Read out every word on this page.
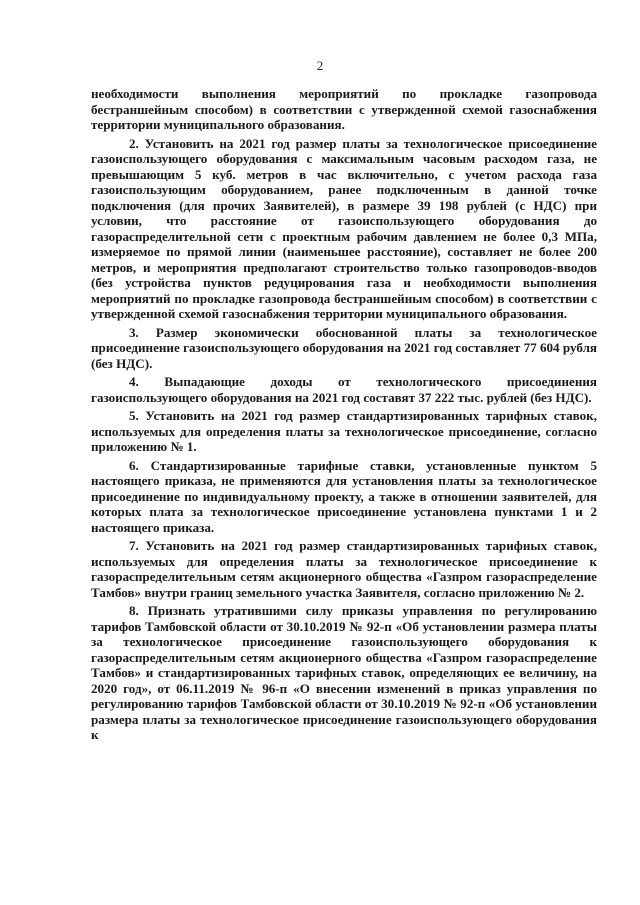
2

необходимости выполнения мероприятий по прокладке газопровода бестраншейным способом) в соответствии с утвержденной схемой газоснабжения территории муниципального образования.

2. Установить на 2021 год размер платы за технологическое присоединение газоиспользующего оборудования с максимальным часовым расходом газа, не превышающим 5 куб. метров в час включительно, с учетом расхода газа газоиспользующим оборудованием, ранее подключенным в данной точке подключения (для прочих Заявителей), в размере 39 198 рублей (с НДС) при условии, что расстояние от газоиспользующего оборудования до газораспределительной сети с проектным рабочим давлением не более 0,3 МПа, измеряемое по прямой линии (наименьшее расстояние), составляет не более 200 метров, и мероприятия предполагают строительство только газопроводов-вводов (без устройства пунктов редуцирования газа и необходимости выполнения мероприятий по прокладке газопровода бестраншейным способом) в соответствии с утвержденной схемой газоснабжения территории муниципального образования.

3. Размер экономически обоснованной платы за технологическое присоединение газоиспользующего оборудования на 2021 год составляет 77 604 рубля (без НДС).

4. Выпадающие доходы от технологического присоединения газоиспользующего оборудования на 2021 год составят 37 222 тыс. рублей (без НДС).

5. Установить на 2021 год размер стандартизированных тарифных ставок, используемых для определения платы за технологическое присоединение, согласно приложению № 1.

6. Стандартизированные тарифные ставки, установленные пунктом 5 настоящего приказа, не применяются для установления платы за технологическое присоединение по индивидуальному проекту, а также в отношении заявителей, для которых плата за технологическое присоединение установлена пунктами 1 и 2 настоящего приказа.

7. Установить на 2021 год размер стандартизированных тарифных ставок, используемых для определения платы за технологическое присоединение к газораспределительным сетям акционерного общества «Газпром газораспределение Тамбов» внутри границ земельного участка Заявителя, согласно приложению № 2.

8. Признать утратившими силу приказы управления по регулированию тарифов Тамбовской области от 30.10.2019 № 92-п «Об установлении размера платы за технологическое присоединение газоиспользующего оборудования к газораспределительным сетям акционерного общества «Газпром газораспределение Тамбов» и стандартизированных тарифных ставок, определяющих ее величину, на 2020 год», от 06.11.2019 № 96-п «О внесении изменений в приказ управления по регулированию тарифов Тамбовской области от 30.10.2019 № 92-п «Об установлении размера платы за технологическое присоединение газоиспользующего оборудования к
